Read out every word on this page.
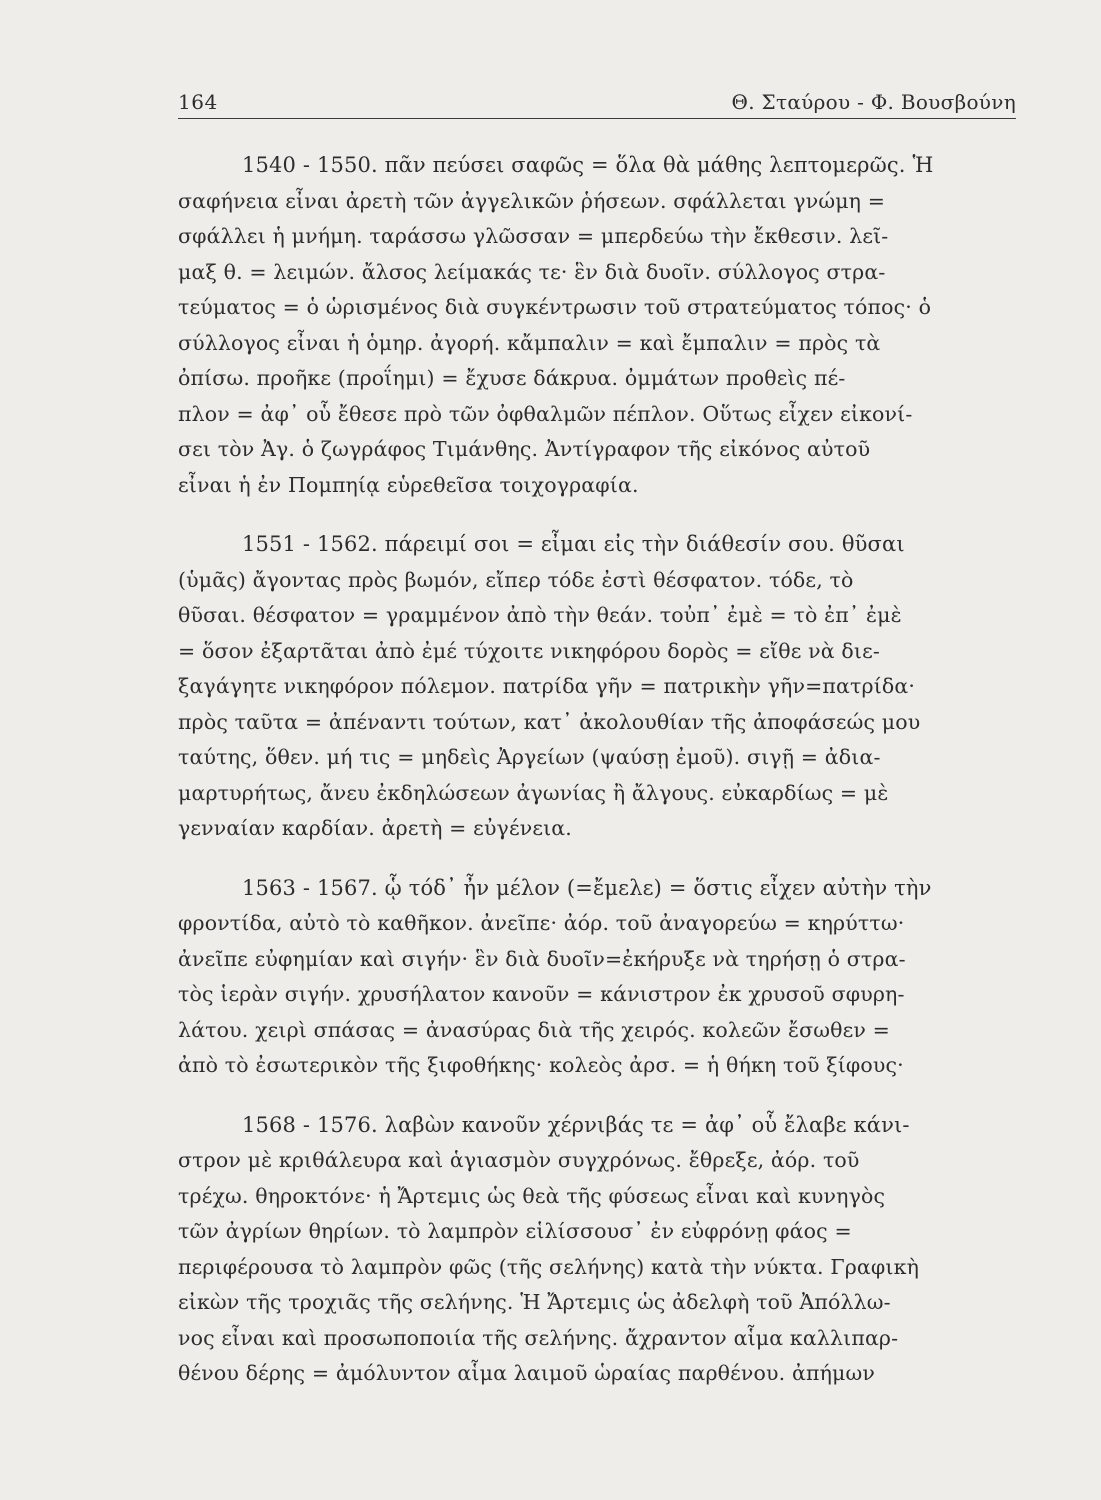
164	Θ. Σταύρου - Φ. Βουσβούνη
1540 - 1550. πᾶν πεύσει σαφῶς = ὅλα θὰ μάθης λεπτομερῶς. Ἡ
σαφήνεια εἶναι ἀρετὴ τῶν ἀγγελικῶν ῥήσεων. σφάλλεται γνώμη =
σφάλλει ἡ μνήμη. ταράσσω γλῶσσαν = μπερδεύω τὴν ἔκθεσιν. λεῖ-
μαξ θ. = λειμών. ἄλσος λείμακάς τε· ἓν διὰ δυοῖν. σύλλογος στρα-
τεύματος = ὁ ὡρισμένος διὰ συγκέντρωσιν τοῦ στρατεύματος τόπος· ὁ
σύλλογος εἶναι ἡ ὁμηρ. ἀγορή. κἄμπαλιν = καὶ ἔμπαλιν = πρὸς τὰ
ὀπίσω. προῆκε (προΐημι) = ἔχυσε δάκρυα. ὀμμάτων προθεὶς πέ-
πλον = ἀφ᾿ οὗ ἔθεσε πρὸ τῶν ὀφθαλμῶν πέπλον. Οὕτως εἶχεν εἰκονί-
σει τὸν Ἀγ. ὁ ζωγράφος Τιμάνθης. Ἀντίγραφον τῆς εἰκόνος αὐτοῦ
εἶναι ἡ ἐν Πομπηίᾳ εὑρεθεῖσα τοιχογραφία.
1551 - 1562. πάρειμί σοι = εἶμαι εἰς τὴν διάθεσίν σου. θῦσαι
(ὑμᾶς) ἄγοντας πρὸς βωμόν, εἴπερ τόδε ἐστὶ θέσφατον. τόδε, τὸ
θῦσαι. θέσφατον = γραμμένον ἀπὸ τὴν θεάν. τοὐπ᾿ ἐμὲ = τὸ ἐπ᾿ ἐμὲ
= ὅσον ἐξαρτᾶται ἀπὸ ἐμέ τύχοιτε νικηφόρου δορὸς = εἴθε νὰ διε-
ξαγάγητε νικηφόρον πόλεμον. πατρίδα γῆν = πατρικὴν γῆν=πατρίδα·
πρὸς ταῦτα = ἀπέναντι τούτων, κατ᾿ ἀκολουθίαν τῆς ἀποφάσεώς μου
ταύτης, ὅθεν. μή τις = μηδεὶς Ἀργείων (ψαύσῃ ἐμοῦ). σιγῇ = ἀδια-
μαρτυρήτως, ἄνευ ἐκδηλώσεων ἀγωνίας ἢ ἄλγους. εὐκαρδίως = μὲ
γενναίαν καρδίαν. ἀρετὴ = εὐγένεια.
1563 - 1567. ᾧ τόδ᾿ ἦν μέλον (=ἔμελε) = ὅστις εἶχεν αὐτὴν τὴν
φροντίδα, αὐτὸ τὸ καθῆκον. ἀνεῖπε· ἀόρ. τοῦ ἀναγορεύω = κηρύττω·
ἀνεῖπε εὐφημίαν καὶ σιγήν· ἓν διὰ δυοῖν=ἐκήρυξε νὰ τηρήσῃ ὁ στρα-
τὸς ἱερὰν σιγήν. χρυσήλατον κανοῦν = κάνιστρον ἐκ χρυσοῦ σφυρη-
λάτου. χειρὶ σπάσας = ἀνασύρας διὰ τῆς χειρός. κολεῶν ἔσωθεν =
ἀπὸ τὸ ἐσωτερικὸν τῆς ξιφοθήκης· κολεὸς ἀρσ. = ἡ θήκη τοῦ ξίφους·
1568 - 1576. λαβὼν κανοῦν χέρνιβάς τε = ἀφ᾿ οὗ ἔλαβε κάνι-
στρον μὲ κριθάλευρα καὶ ἁγιασμὸν συγχρόνως. ἔθρεξε, ἀόρ. τοῦ
τρέχω. θηροκτόνε· ἡ Ἄρτεμις ὡς θεὰ τῆς φύσεως εἶναι καὶ κυνηγὸς
τῶν ἀγρίων θηρίων. τὸ λαμπρὸν εἱλίσσουσ᾿ ἐν εὐφρόνῃ φάος =
περιφέρουσα τὸ λαμπρὸν φῶς (τῆς σελήνης) κατὰ τὴν νύκτα. Γραφικὴ
εἰκὼν τῆς τροχιᾶς τῆς σελήνης. Ἡ Ἄρτεμις ὡς ἀδελφὴ τοῦ Ἀπόλλω-
νος εἶναι καὶ προσωποποιία τῆς σελήνης. ἄχραντον αἷμα καλλιπαρ-
θένου δέρης = ἀμόλυντον αἷμα λαιμοῦ ὡραίας παρθένου. ἀπήμων
